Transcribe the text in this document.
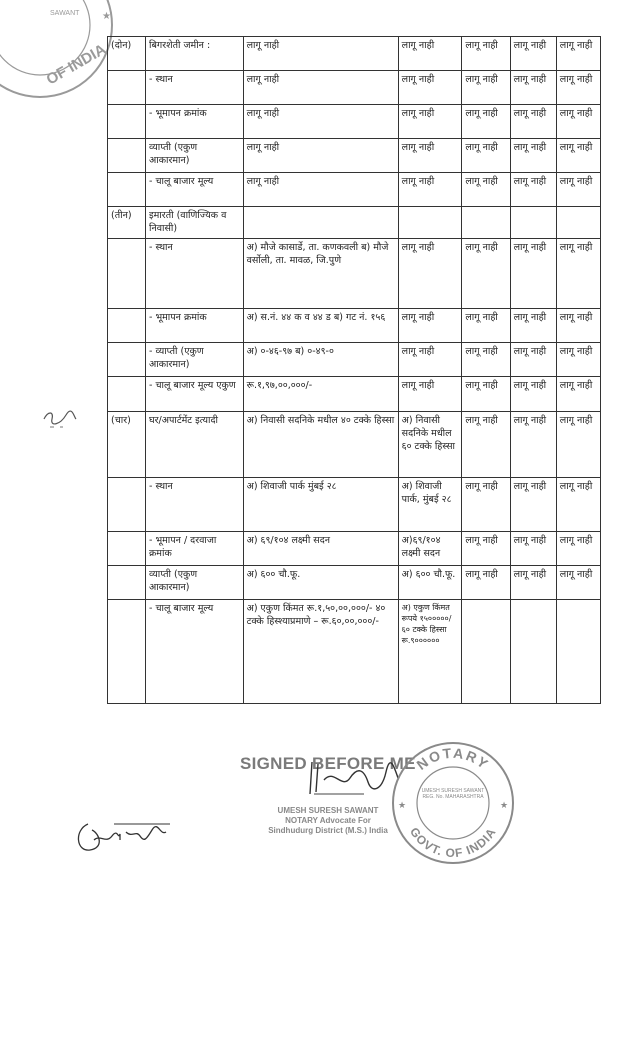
OF INDIA
SAWANT ★
(दोन)	बिगरशेती जमीन :	लागू नाही	लागू नाही	लागू नाही	लागू नाही	लागू नाही
	- स्थान	लागू नाही	लागू नाही	लागू नाही	लागू नाही	लागू नाही
	- भूमापन क्रमांक	लागू नाही	लागू नाही	लागू नाही	लागू नाही	लागू नाही
	व्याप्ती (एकुण आकारमान)	लागू नाही	लागू नाही	लागू नाही	लागू नाही	लागू नाही
	- चालू बाजार मूल्य	लागू नाही	लागू नाही	लागू नाही	लागू नाही	लागू नाही
(तीन)	इमारती (वाणिज्यिक व निवासी)					
	- स्थान	अ) मौजे कासार्डे, ता. कणकवली ब) मौजे वर्सोली, ता. मावळ, जि.पुणे	लागू नाही	लागू नाही	लागू नाही	लागू नाही
	- भूमापन क्रमांक	अ) स.नं. ४४ क व ४४ ड ब) गट नं. १५६	लागू नाही	लागू नाही	लागू नाही	लागू नाही
	- व्याप्ती (एकुण आकारमान)	अ) ०-४६-९७ ब) ०-४९-०	लागू नाही	लागू नाही	लागू नाही	लागू नाही
	- चालू बाजार मूल्य एकुण	रू.१,९७,००,०००/-	लागू नाही	लागू नाही	लागू नाही	लागू नाही
(चार)	घर/अपार्टमेंट इत्यादी	अ) निवासी सदनिके मधील ४० टक्के हिस्सा	अ) निवासी सदनिके मधील ६० टक्के हिस्सा	लागू नाही	लागू नाही	लागू नाही
	- स्थान	अ) शिवाजी पार्क मुंबई २८	अ) शिवाजी पार्क, मुंबई २८	लागू नाही	लागू नाही	लागू नाही
	- भूमापन / दरवाजा क्रमांक	अ) ६९/१०४ लक्ष्मी सदन	अ)६९/१०४ लक्ष्मी सदन	लागू नाही	लागू नाही	लागू नाही
	व्याप्ती (एकुण आकारमान)	अ) ६०० चौ.फू.	अ) ६०० चौ.फू.	लागू नाही	लागू नाही	लागू नाही
	- चालू बाजार मूल्य	अ) एकुण किंमत रू.१,५०,००,०००/- ४० टक्के हिस्श्याप्रमाणे – रू.६०,००,०००/-	अ) एकुण किंमत रूपये १५०००००/ ६० टक्के हिस्सा रू.९००००००			
SIGNED BEFORE ME
UMESH SURESH SAWANT
NOTARY Advocate For
Sindhudurg District (M.S.) India
NOTARY
GOVT. OF INDIA
★	★
UMESH SURESH SAWANT REG. No. MAHARASHTRA
